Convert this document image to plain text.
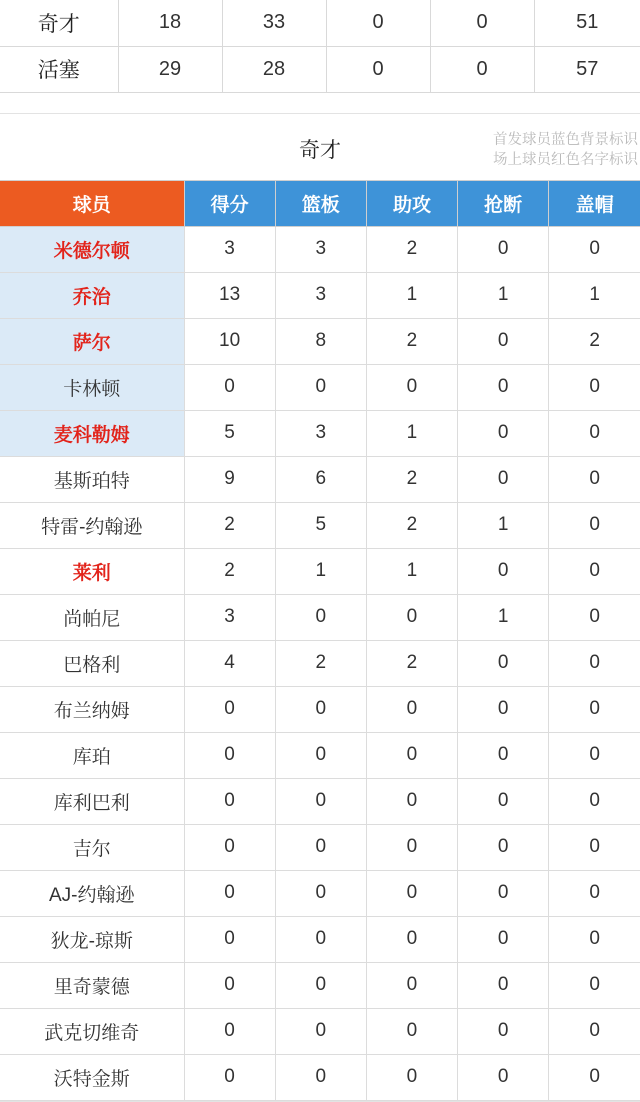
奇才	18	33	0	0	51
活塞	29	28	0	0	57
奇才	首发球员蓝色背景标识
场上球员红色名字标识
球员	得分	篮板	助攻	抢断	盖帽
米德尔顿	3	3	2	0	0
乔治	13	3	1	1	1
萨尔	10	8	2	0	2
卡林顿	0	0	0	0	0
麦科勒姆	5	3	1	0	0
基斯珀特	9	6	2	0	0
特雷-约翰逊	2	5	2	1	0
莱利	2	1	1	0	0
尚帕尼	3	0	0	1	0
巴格利	4	2	2	0	0
布兰纳姆	0	0	0	0	0
库珀	0	0	0	0	0
库利巴利	0	0	0	0	0
吉尔	0	0	0	0	0
AJ-约翰逊	0	0	0	0	0
狄龙-琼斯	0	0	0	0	0
里奇蒙德	0	0	0	0	0
武克切维奇	0	0	0	0	0
沃特金斯	0	0	0	0	0
